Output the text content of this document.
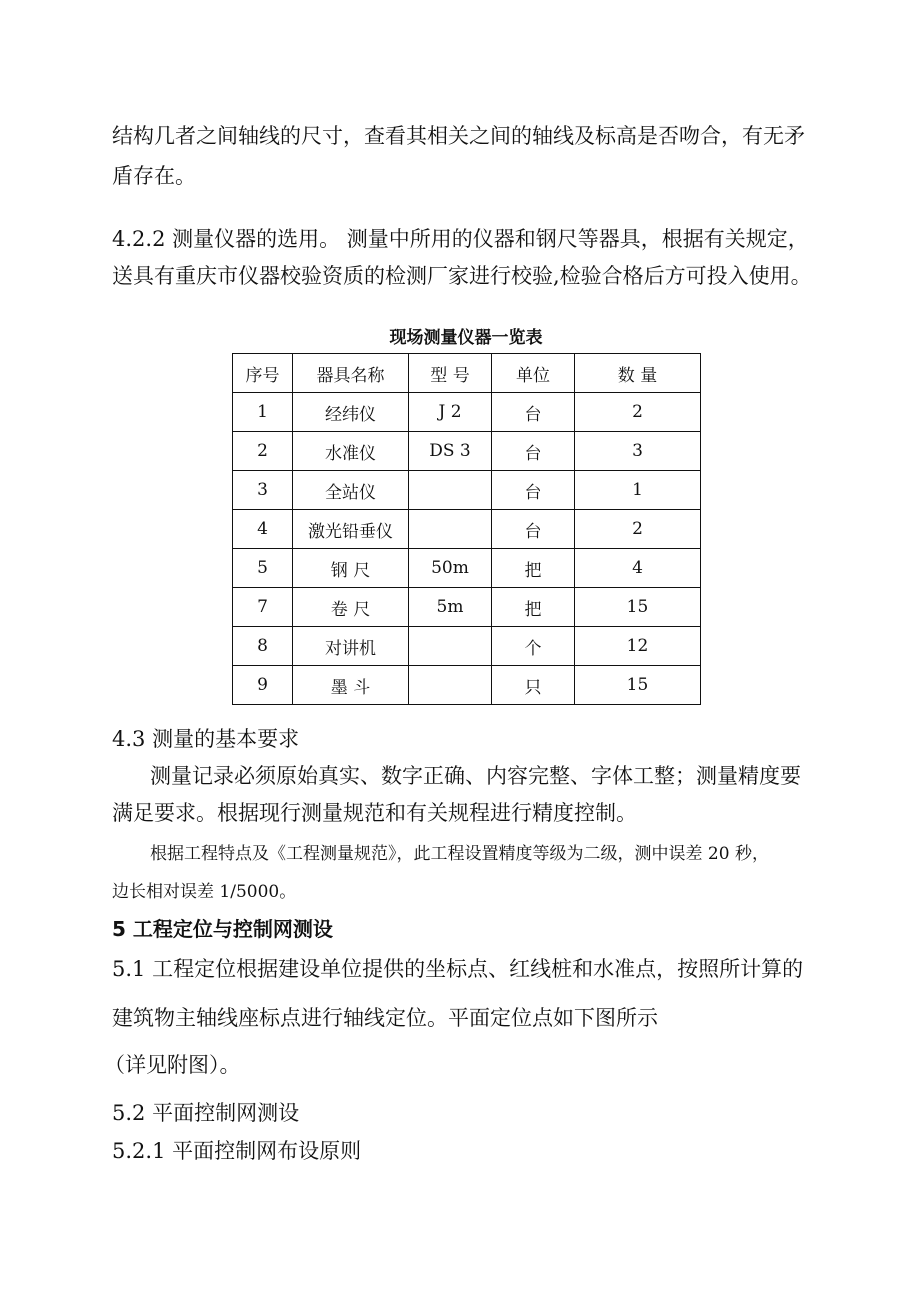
结构几者之间轴线的尺寸，查看其相关之间的轴线及标高是否吻合，有无矛
盾存在。
4.2.2 测量仪器的选用。 测量中所用的仪器和钢尺等器具，根据有关规定，
送具有重庆市仪器校验资质的检测厂家进行校验,检验合格后方可投入使用。
现场测量仪器一览表
序号	器具名称	型 号	单位	数 量
1	经纬仪	J 2	台	2
2	水准仪	DS 3	台	3
3	全站仪		台	1
4	激光铅垂仪		台	2
5	钢 尺	50m	把	4
7	卷 尺	5m	把	15
8	对讲机		个	12
9	墨 斗		只	15
4.3 测量的基本要求
测量记录必须原始真实、数字正确、内容完整、字体工整；测量精度要
满足要求。根据现行测量规范和有关规程进行精度控制。
根据工程特点及《工程测量规范》，此工程设置精度等级为二级，测中误差 20 秒，
边长相对误差 1/5000。
5 工程定位与控制网测设
5.1 工程定位根据建设单位提供的坐标点、红线桩和水准点，按照所计算的
建筑物主轴线座标点进行轴线定位。平面定位点如下图所示
（详见附图）。
5.2 平面控制网测设
5.2.1 平面控制网布设原则
